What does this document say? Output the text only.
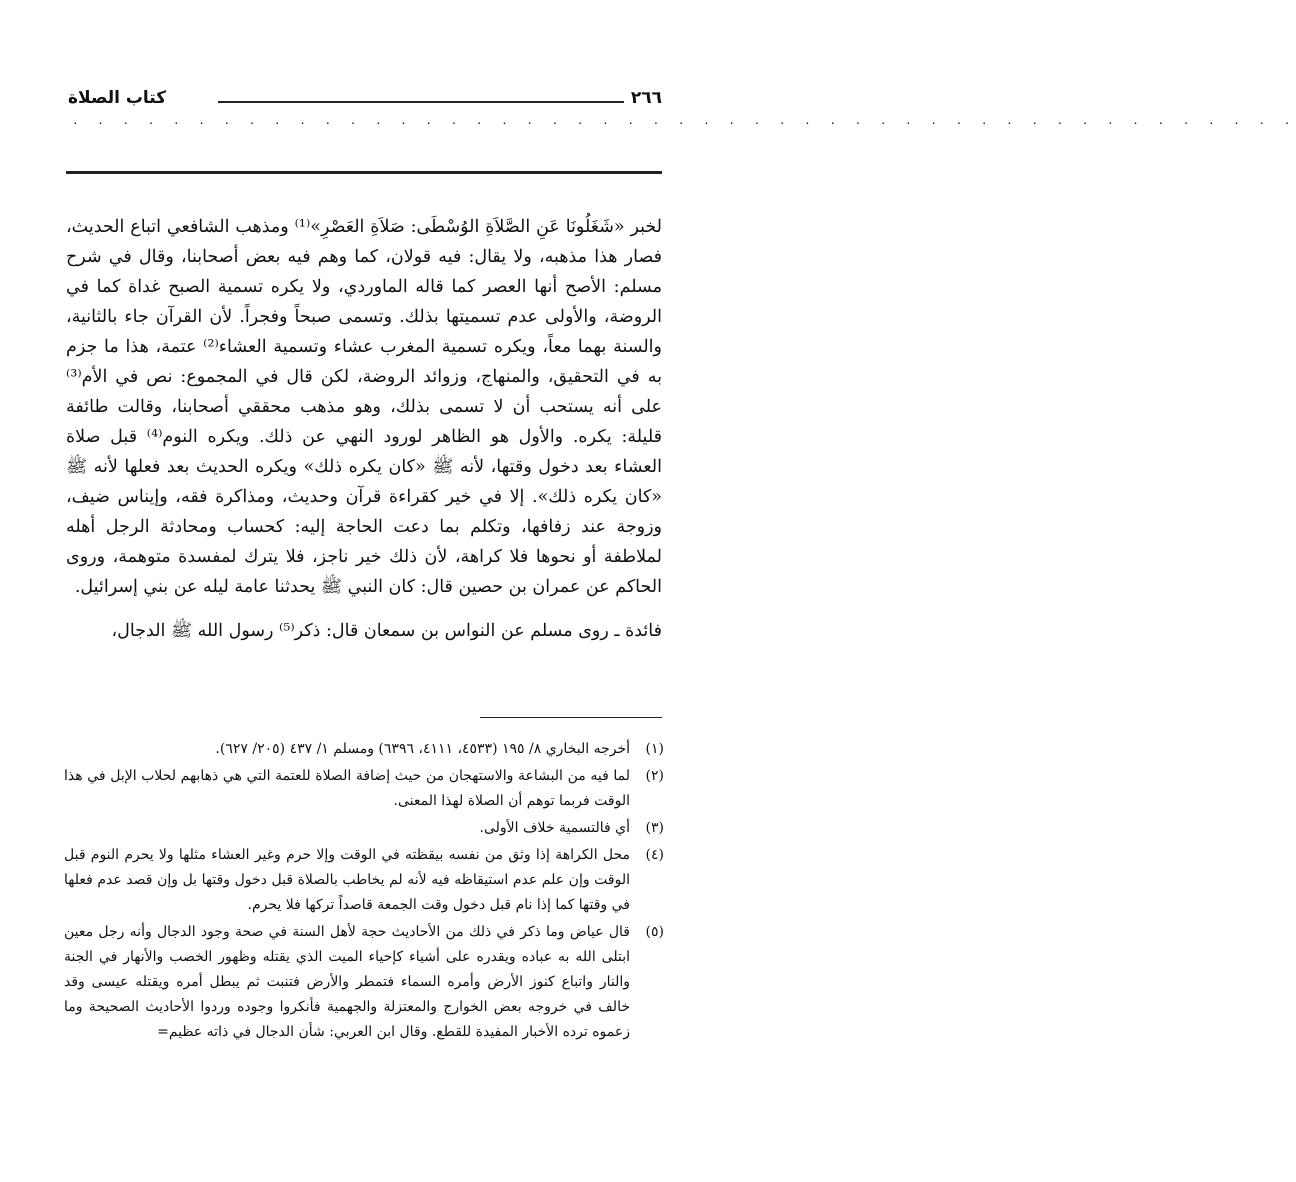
٢٦٦
كتاب الصلاة
. . . . . . . . . . . . . . . . . . . . . . . . . . . . . . . . . . . . . . . . . . . . . . . . .

لخبر «شَغَلُونَا عَنِ الصَّلاَةِ الوُسْطَى: صَلاَةِ العَصْرِ»⁽¹⁾ ومذهب الشافعي اتباع الحديث، فصار هذا مذهبه، ولا يقال: فيه قولان، كما وهم فيه بعض أصحابنا، وقال في شرح مسلم: الأصح أنها العصر كما قاله الماوردي، ولا يكره تسمية الصبح غداة كما في الروضة، والأولى عدم تسميتها بذلك. وتسمى صبحاً وفجراً. لأن القرآن جاء بالثانية، والسنة بهما معاً، ويكره تسمية المغرب عشاء وتسمية العشاء⁽²⁾ عتمة، هذا ما جزم به في التحقيق، والمنهاج، وزوائد الروضة، لكن قال في المجموع: نص في الأم⁽³⁾ على أنه يستحب أن لا تسمى بذلك، وهو مذهب محققي أصحابنا، وقالت طائفة قليلة: يكره. والأول هو الظاهر لورود النهي عن ذلك. ويكره النوم⁽⁴⁾ قبل صلاة العشاء بعد دخول وقتها، لأنه ﷺ «كان يكره ذلك» ويكره الحديث بعد فعلها لأنه ﷺ «كان يكره ذلك». إلا في خير كقراءة قرآن وحديث، ومذاكرة فقه، وإيناس ضيف، وزوجة عند زفافها، وتكلم بما دعت الحاجة إليه: كحساب ومحادثة الرجل أهله لملاطفة أو نحوها فلا كراهة، لأن ذلك خير ناجز، فلا يترك لمفسدة متوهمة، وروى الحاكم عن عمران بن حصين قال: كان النبي ﷺ يحدثنا عامة ليله عن بني إسرائيل.

فائدة ـ روى مسلم عن النواس بن سمعان قال: ذكر⁽⁵⁾ رسول الله ﷺ الدجال،

(١)
أخرجه البخاري ٨/ ١٩٥ (٤٥٣٣، ٤١١١، ٦٣٩٦) ومسلم ١/ ٤٣٧ (٢٠٥/ ٦٢٧).
(٢)
لما فيه من البشاعة والاستهجان من حيث إضافة الصلاة للعتمة التي هي ذهابهم لحلاب الإبل في هذا الوقت فربما توهم أن الصلاة لهذا المعنى.
(٣)
أي فالتسمية خلاف الأولى.
(٤)
محل الكراهة إذا وثق من نفسه بيقظته في الوقت وإلا حرم وغير العشاء مثلها ولا يحرم النوم قبل الوقت وإن علم عدم استيقاظه فيه لأنه لم يخاطب بالصلاة قبل دخول وقتها بل وإن قصد عدم فعلها في وقتها كما إذا نام قبل دخول وقت الجمعة قاصداً تركها فلا يحرم.
(٥)
قال عياض وما ذكر في ذلك من الأحاديث حجة لأهل السنة في صحة وجود الدجال وأنه رجل معين ابتلى الله به عباده ويقدره على أشياء كإحياء الميت الذي يقتله وظهور الخصب والأنهار في الجنة والنار واتباع كنوز الأرض وأمره السماء فتمطر والأرض فتنبت ثم يبطل أمره ويقتله عيسى وقد خالف في خروجه بعض الخوارج والمعتزلة والجهمية فأنكروا وجوده وردوا الأحاديث الصحيحة وما زعموه ترده الأخبار المفيدة للقطع. وقال ابن العربي: شأن الدجال في ذاته عظيم=
